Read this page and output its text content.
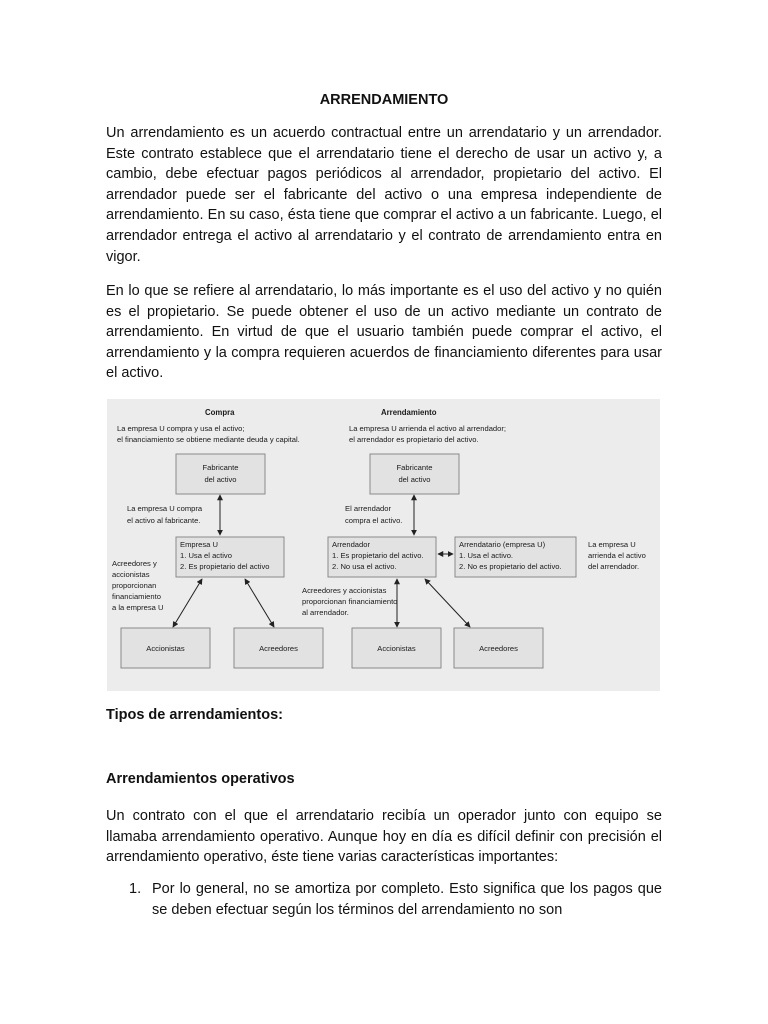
ARRENDAMIENTO

Un arrendamiento es un acuerdo contractual entre un arrendatario y un arrendador. Este contrato establece que el arrendatario tiene el derecho de usar un activo y, a cambio, debe efectuar pagos periódicos al arrendador, propietario del activo. El arrendador puede ser el fabricante del activo o una empresa independiente de arrendamiento. En su caso, ésta tiene que comprar el activo a un fabricante. Luego, el arrendador entrega el activo al arrendatario y el contrato de arrendamiento entra en vigor.

En lo que se refiere al arrendatario, lo más importante es el uso del activo y no quién es el propietario. Se puede obtener el uso de un activo mediante un contrato de arrendamiento. En virtud de que el usuario también puede comprar el activo, el arrendamiento y la compra requieren acuerdos de financiamiento diferentes para usar el activo.

Compra
La empresa U compra y usa el activo;
el financiamiento se obtiene mediante deuda y capital.
Fabricante
del activo
La empresa U compra
el activo al fabricante.
Empresa U
1. Usa el activo
2. Es propietario del activo
Acreedores y
accionistas
proporcionan
financiamiento
a la empresa U
Accionistas	Acreedores
Arrendamiento
La empresa U arrienda el activo al arrendador;
el arrendador es propietario del activo.
Fabricante
del activo
El arrendador
compra el activo.
Arrendador
1. Es propietario del activo.
2. No usa el activo.
Arrendatario (empresa U)
1. Usa el activo.
2. No es propietario del activo.
La empresa U
arrienda el activo
del arrendador.
Acreedores y accionistas
proporcionan financiamiento
al arrendador.
Accionistas	Acreedores
Tipos de arrendamientos:
Arrendamientos operativos

Un contrato con el que el arrendatario recibía un operador junto con equipo se llamaba arrendamiento operativo. Aunque hoy en día es difícil definir con precisión el arrendamiento operativo, éste tiene varias características importantes:

1. Por lo general, no se amortiza por completo. Esto significa que los pagos que se deben efectuar según los términos del arrendamiento no son
